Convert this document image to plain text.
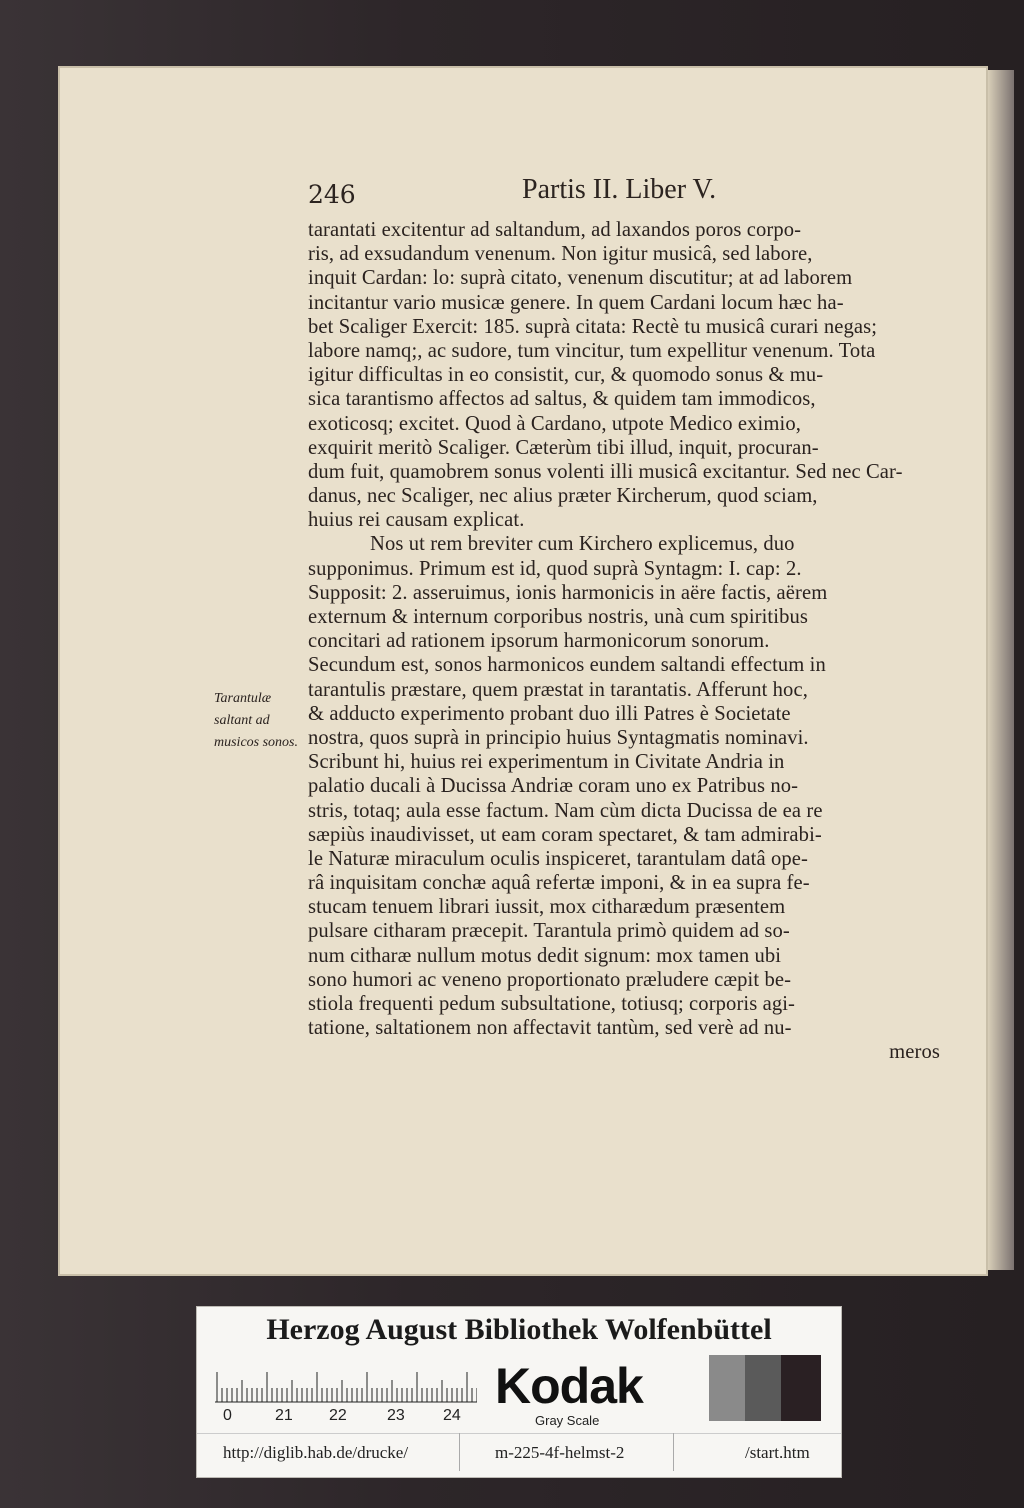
246	Partis II. Liber V.
tarantati excitentur ad saltandum, ad laxandos poros corpo-
ris, ad exsudandum venenum. Non igitur musicâ, sed labore,
inquit Cardan: lo: suprà citato, venenum discutitur; at ad laborem
incitantur vario musicæ genere. In quem Cardani locum hæc ha-
bet Scaliger Exercit: 185. suprà citata: Rectè tu musicâ curari negas;
labore namq;, ac sudore, tum vincitur, tum expellitur venenum. Tota
igitur difficultas in eo consistit, cur, & quomodo sonus & mu-
sica tarantismo affectos ad saltus, & quidem tam immodicos,
exoticosq; excitet. Quod à Cardano, utpote Medico eximio,
exquirit meritò Scaliger. Cæterùm tibi illud, inquit, procuran-
dum fuit, quamobrem sonus volenti illi musicâ excitantur. Sed nec Car-
danus, nec Scaliger, nec alius præter Kircherum, quod sciam,
huius rei causam explicat.
Nos ut rem breviter cum Kirchero explicemus, duo
supponimus. Primum est id, quod suprà Syntagm: I. cap: 2.
Supposit: 2. asseruimus, ionis harmonicis in aëre factis, aërem
externum & internum corporibus nostris, unà cum spiritibus
concitari ad rationem ipsorum harmonicorum sonorum.
Secundum est, sonos harmonicos eundem saltandi effectum in
tarantulis præstare, quem præstat in tarantatis. Afferunt hoc,
& adducto experimento probant duo illi Patres è Societate
nostra, quos suprà in principio huius Syntagmatis nominavi.
Scribunt hi, huius rei experimentum in Civitate Andria in
palatio ducali à Ducissa Andriæ coram uno ex Patribus no-
stris, totaq; aula esse factum. Nam cùm dicta Ducissa de ea re
sæpiùs inaudivisset, ut eam coram spectaret, & tam admirabi-
le Naturæ miraculum oculis inspiceret, tarantulam datâ ope-
râ inquisitam conchæ aquâ refertæ imponi, & in ea supra fe-
stucam tenuem librari iussit, mox citharædum præsentem
pulsare citharam præcepit. Tarantula primò quidem ad so-
num citharæ nullum motus dedit signum: mox tamen ubi
sono humori ac veneno proportionato præludere cæpit be-
stiola frequenti pedum subsultatione, totiusq; corporis agi-
tatione, saltationem non affectavit tantùm, sed verè ad nu-
meros
Tarantulæ
saltant ad
musicos sonos.
Herzog August Bibliothek Wolfenbüttel
0	21 22	23 24
Kodak
Gray Scale
http://diglib.hab.de/drucke/	m-225-4f-helmst-2	/start.htm
